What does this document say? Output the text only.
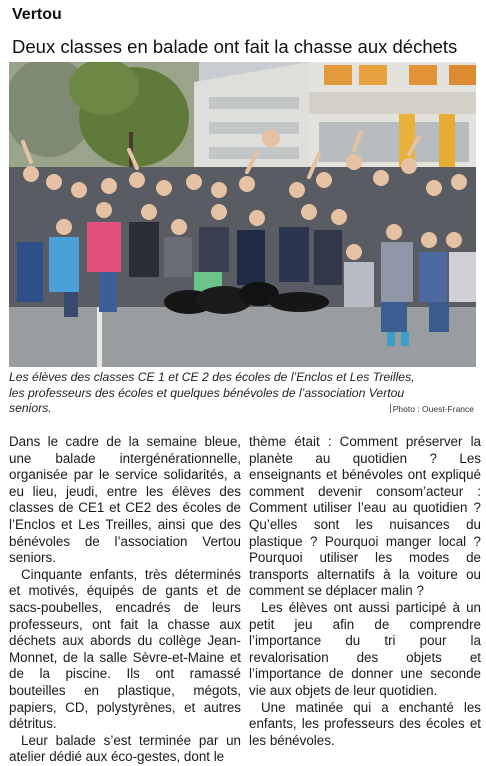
Vertou
Deux classes en balade ont fait la chasse aux déchets
Les élèves des classes CE 1 et CE 2 des écoles de l’Enclos et Les Treilles, les professeurs des écoles et quelques bénévoles de l’association Vertou seniors.	Photo : Ouest-France

Dans le cadre de la semaine bleue, une balade intergénérationnelle, organisée par le service solidarités, a eu lieu, jeudi, entre les élèves des classes de CE1 et CE2 des écoles de l’Enclos et Les Treilles, ainsi que des bénévoles de l’association Vertou seniors.

Cinquante enfants, très déterminés et motivés, équipés de gants et de sacs-poubelles, encadrés de leurs professeurs, ont fait la chasse aux déchets aux abords du collège Jean-Monnet, de la salle Sèvre-et-Maine et de la piscine. Ils ont ramassé bouteilles en plastique, mégots, papiers, CD, polystyrènes, et autres détritus.

Leur balade s’est terminée par un atelier dédié aux éco-gestes, dont le

thème était : Comment préserver la planète au quotidien ? Les enseignants et bénévoles ont expliqué comment devenir consom’acteur : Comment utiliser l’eau au quotidien ? Qu’elles sont les nuisances du plastique ? Pourquoi manger local ? Pourquoi utiliser les modes de transports alternatifs à la voiture ou comment se déplacer malin ?

Les élèves ont aussi participé à un petit jeu afin de comprendre l’importance du tri pour la revalorisation des objets et l’importance de donner une seconde vie aux objets de leur quotidien.

Une matinée qui a enchanté les enfants, les professeurs des écoles et les bénévoles.
